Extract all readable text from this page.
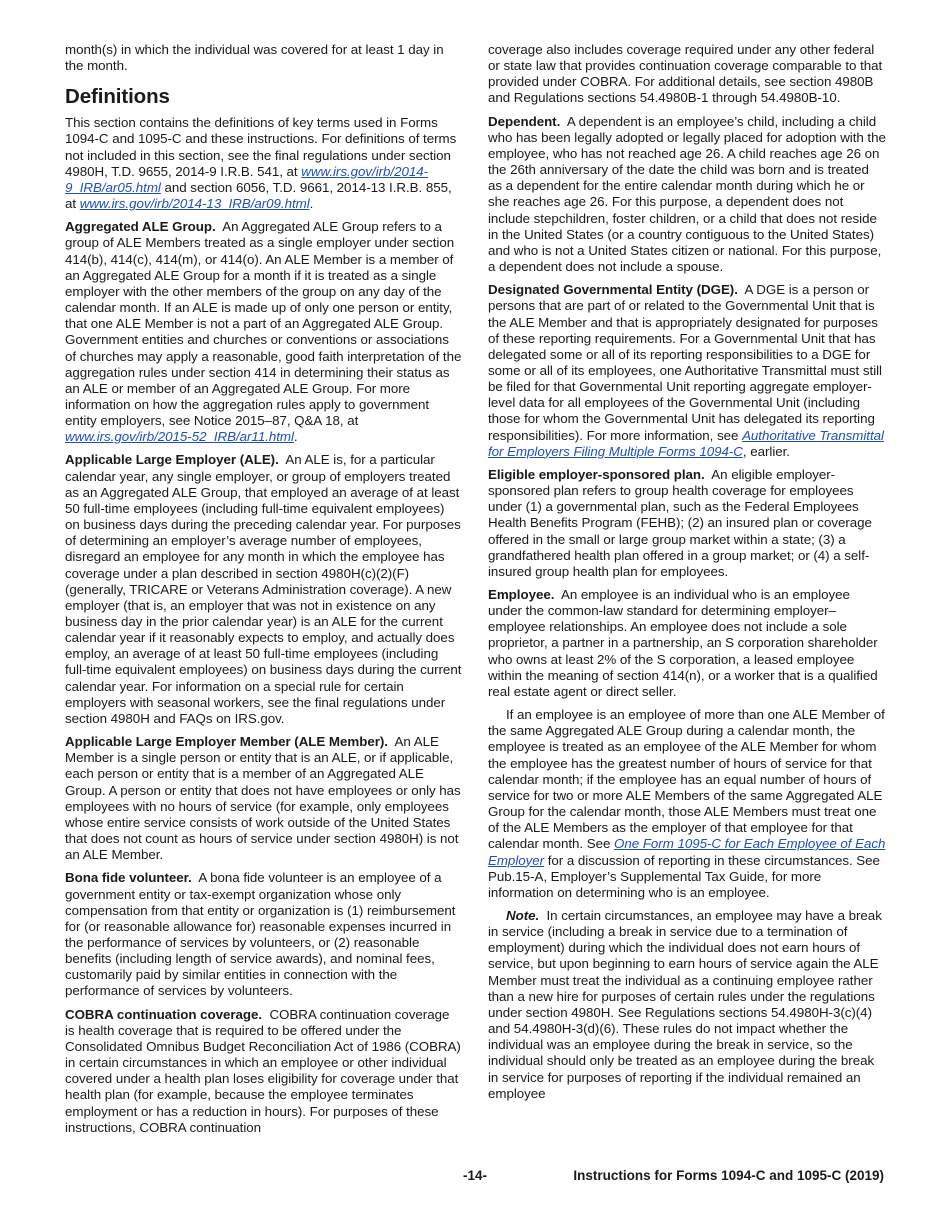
month(s) in which the individual was covered for at least 1 day in the month.

Definitions

This section contains the definitions of key terms used in Forms 1094-C and 1095-C and these instructions. For definitions of terms not included in this section, see the final regulations under section 4980H, T.D. 9655, 2014-9 I.R.B. 541, at www.irs.gov/irb/2014-9_IRB/ar05.html and section 6056, T.D. 9661, 2014-13 I.R.B. 855, at www.irs.gov/irb/2014-13_IRB/ar09.html.

Aggregated ALE Group. An Aggregated ALE Group refers to a group of ALE Members treated as a single employer under section 414(b), 414(c), 414(m), or 414(o). An ALE Member is a member of an Aggregated ALE Group for a month if it is treated as a single employer with the other members of the group on any day of the calendar month. If an ALE is made up of only one person or entity, that one ALE Member is not a part of an Aggregated ALE Group. Government entities and churches or conventions or associations of churches may apply a reasonable, good faith interpretation of the aggregation rules under section 414 in determining their status as an ALE or member of an Aggregated ALE Group. For more information on how the aggregation rules apply to government entity employers, see Notice 2015–87, Q&A 18, at www.irs.gov/irb/2015-52_IRB/ar11.html.

Applicable Large Employer (ALE). An ALE is, for a particular calendar year, any single employer, or group of employers treated as an Aggregated ALE Group, that employed an average of at least 50 full-time employees (including full-time equivalent employees) on business days during the preceding calendar year. For purposes of determining an employer’s average number of employees, disregard an employee for any month in which the employee has coverage under a plan described in section 4980H(c)(2)(F) (generally, TRICARE or Veterans Administration coverage). A new employer (that is, an employer that was not in existence on any business day in the prior calendar year) is an ALE for the current calendar year if it reasonably expects to employ, and actually does employ, an average of at least 50 full-time employees (including full-time equivalent employees) on business days during the current calendar year. For information on a special rule for certain employers with seasonal workers, see the final regulations under section 4980H and FAQs on IRS.gov.

Applicable Large Employer Member (ALE Member). An ALE Member is a single person or entity that is an ALE, or if applicable, each person or entity that is a member of an Aggregated ALE Group. A person or entity that does not have employees or only has employees with no hours of service (for example, only employees whose entire service consists of work outside of the United States that does not count as hours of service under section 4980H) is not an ALE Member.

Bona fide volunteer. A bona fide volunteer is an employee of a government entity or tax-exempt organization whose only compensation from that entity or organization is (1) reimbursement for (or reasonable allowance for) reasonable expenses incurred in the performance of services by volunteers, or (2) reasonable benefits (including length of service awards), and nominal fees, customarily paid by similar entities in connection with the performance of services by volunteers.

COBRA continuation coverage. COBRA continuation coverage is health coverage that is required to be offered under the Consolidated Omnibus Budget Reconciliation Act of 1986 (COBRA) in certain circumstances in which an employee or other individual covered under a health plan loses eligibility for coverage under that health plan (for example, because the employee terminates employment or has a reduction in hours). For purposes of these instructions, COBRA continuation

coverage also includes coverage required under any other federal or state law that provides continuation coverage comparable to that provided under COBRA. For additional details, see section 4980B and Regulations sections 54.4980B-1 through 54.4980B-10.

Dependent. A dependent is an employee’s child, including a child who has been legally adopted or legally placed for adoption with the employee, who has not reached age 26. A child reaches age 26 on the 26th anniversary of the date the child was born and is treated as a dependent for the entire calendar month during which he or she reaches age 26. For this purpose, a dependent does not include stepchildren, foster children, or a child that does not reside in the United States (or a country contiguous to the United States) and who is not a United States citizen or national. For this purpose, a dependent does not include a spouse.

Designated Governmental Entity (DGE). A DGE is a person or persons that are part of or related to the Governmental Unit that is the ALE Member and that is appropriately designated for purposes of these reporting requirements. For a Governmental Unit that has delegated some or all of its reporting responsibilities to a DGE for some or all of its employees, one Authoritative Transmittal must still be filed for that Governmental Unit reporting aggregate employer-level data for all employees of the Governmental Unit (including those for whom the Governmental Unit has delegated its reporting responsibilities). For more information, see Authoritative Transmittal for Employers Filing Multiple Forms 1094-C, earlier.

Eligible employer-sponsored plan. An eligible employer-sponsored plan refers to group health coverage for employees under (1) a governmental plan, such as the Federal Employees Health Benefits Program (FEHB); (2) an insured plan or coverage offered in the small or large group market within a state; (3) a grandfathered health plan offered in a group market; or (4) a self-insured group health plan for employees.

Employee. An employee is an individual who is an employee under the common-law standard for determining employer–employee relationships. An employee does not include a sole proprietor, a partner in a partnership, an S corporation shareholder who owns at least 2% of the S corporation, a leased employee within the meaning of section 414(n), or a worker that is a qualified real estate agent or direct seller.

If an employee is an employee of more than one ALE Member of the same Aggregated ALE Group during a calendar month, the employee is treated as an employee of the ALE Member for whom the employee has the greatest number of hours of service for that calendar month; if the employee has an equal number of hours of service for two or more ALE Members of the same Aggregated ALE Group for the calendar month, those ALE Members must treat one of the ALE Members as the employer of that employee for that calendar month. See One Form 1095-C for Each Employee of Each Employer for a discussion of reporting in these circumstances. See Pub.15-A, Employer’s Supplemental Tax Guide, for more information on determining who is an employee.

Note. In certain circumstances, an employee may have a break in service (including a break in service due to a termination of employment) during which the individual does not earn hours of service, but upon beginning to earn hours of service again the ALE Member must treat the individual as a continuing employee rather than a new hire for purposes of certain rules under the regulations under section 4980H. See Regulations sections 54.4980H-3(c)(4) and 54.4980H-3(d)(6). These rules do not impact whether the individual was an employee during the break in service, so the individual should only be treated as an employee during the break in service for purposes of reporting if the individual remained an employee

-14-	Instructions for Forms 1094-C and 1095-C (2019)
